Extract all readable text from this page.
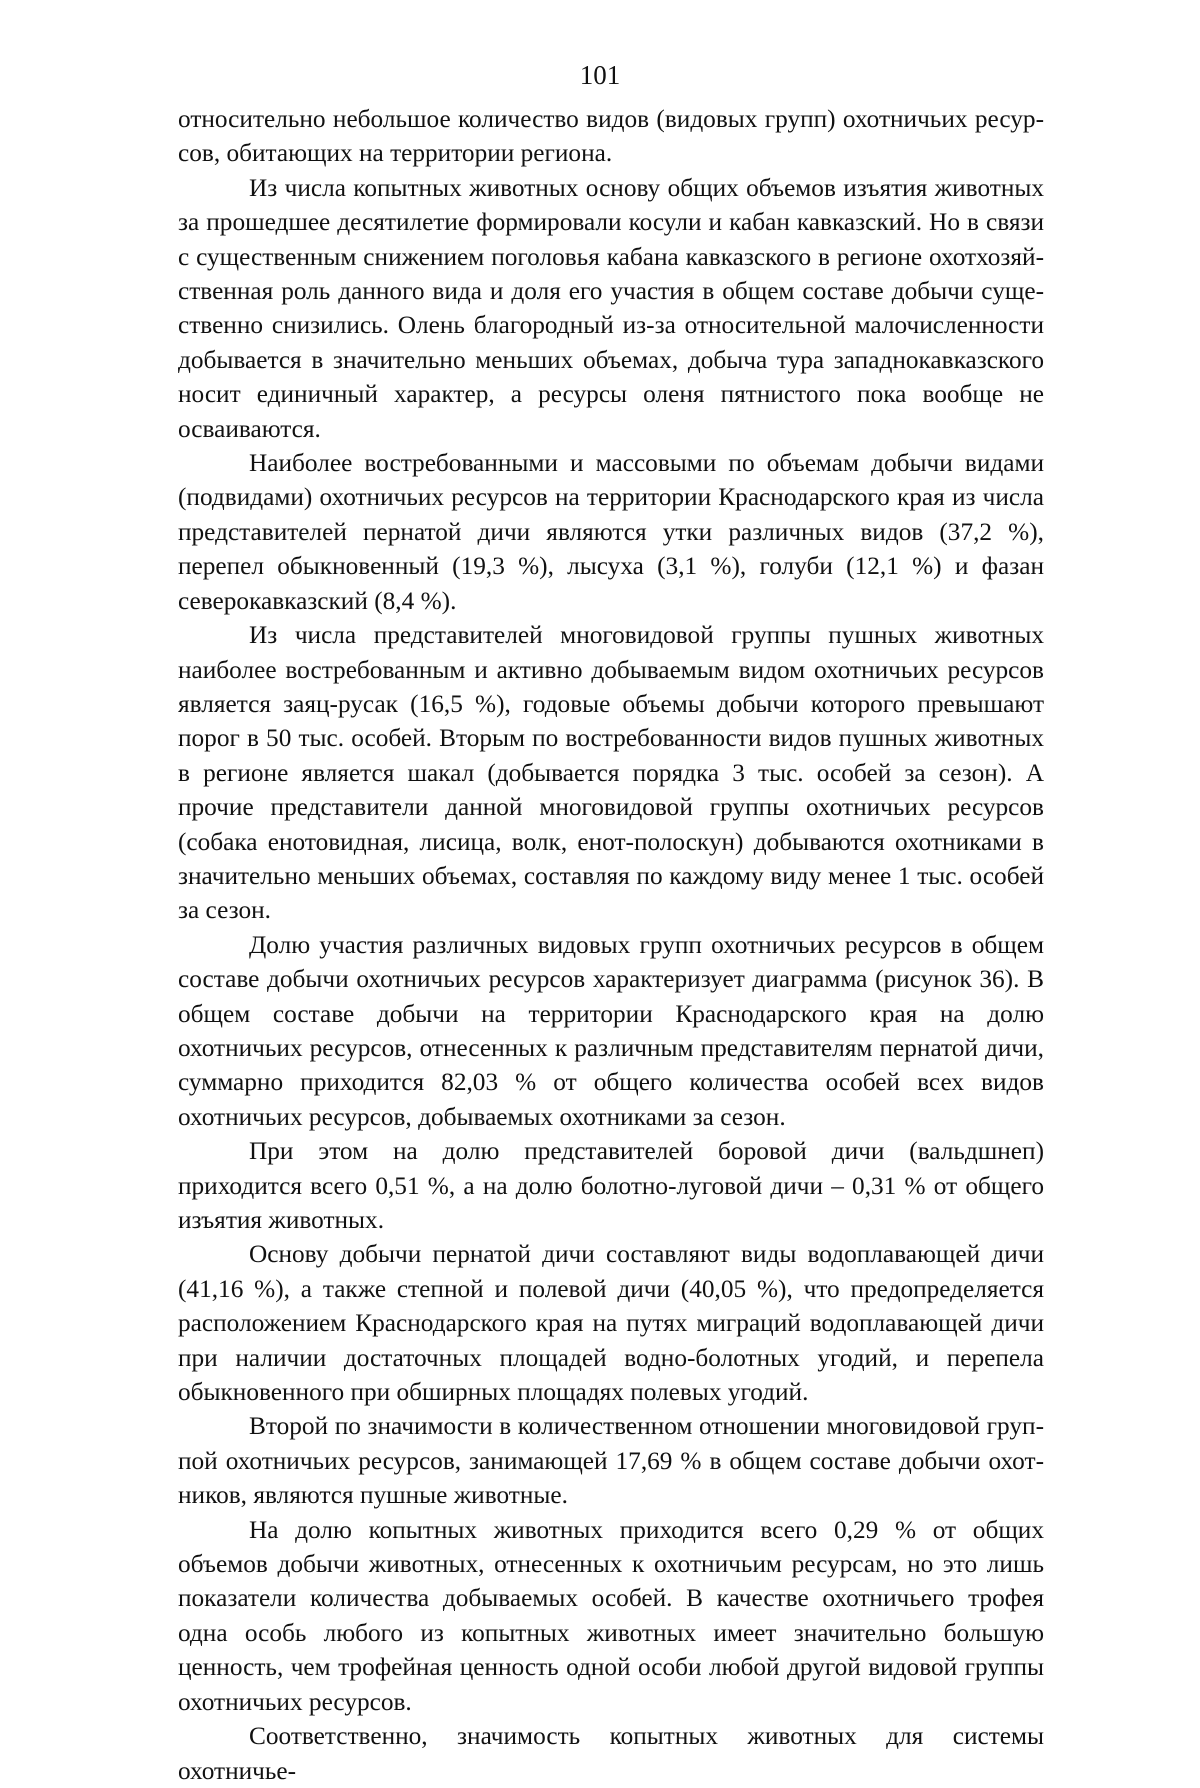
101

относительно небольшое количество видов (видовых групп) охотничьих ресурсов, обитающих на территории региона.

Из числа копытных животных основу общих объемов изъятия животных за прошедшее десятилетие формировали косули и кабан кавказский. Но в связи с существенным снижением поголовья кабана кавказского в регионе охотхозяйственная роль данного вида и доля его участия в общем составе добычи существенно снизились. Олень благородный из-за относительной малочисленности добывается в значительно меньших объемах, добыча тура западнокавказского носит единичный характер, а ресурсы оленя пятнистого пока вообще не осваиваются.

Наиболее востребованными и массовыми по объемам добычи видами (подвидами) охотничьих ресурсов на территории Краснодарского края из числа представителей пернатой дичи являются утки различных видов (37,2 %), перепел обыкновенный (19,3 %), лысуха (3,1 %), голуби (12,1 %) и фазан северокавказский (8,4 %).

Из числа представителей многовидовой группы пушных животных наиболее востребованным и активно добываемым видом охотничьих ресурсов является заяц-русак (16,5 %), годовые объемы добычи которого превышают порог в 50 тыс. особей. Вторым по востребованности видов пушных животных в регионе является шакал (добывается порядка 3 тыс. особей за сезон). А прочие представители данной многовидовой группы охотничьих ресурсов (собака енотовидная, лисица, волк, енот-полоскун) добываются охотниками в значительно меньших объемах, составляя по каждому виду менее 1 тыс. особей за сезон.

Долю участия различных видовых групп охотничьих ресурсов в общем составе добычи охотничьих ресурсов характеризует диаграмма (рисунок 36). В общем составе добычи на территории Краснодарского края на долю охотничьих ресурсов, отнесенных к различным представителям пернатой дичи, суммарно приходится 82,03 % от общего количества особей всех видов охотничьих ресурсов, добываемых охотниками за сезон.

При этом на долю представителей боровой дичи (вальдшнеп) приходится всего 0,51 %, а на долю болотно-луговой дичи – 0,31 % от общего изъятия животных.

Основу добычи пернатой дичи составляют виды водоплавающей дичи (41,16 %), а также степной и полевой дичи (40,05 %), что предопределяется расположением Краснодарского края на путях миграций водоплавающей дичи при наличии достаточных площадей водно-болотных угодий, и перепела обыкновенного при обширных площадях полевых угодий.

Второй по значимости в количественном отношении многовидовой группой охотничьих ресурсов, занимающей 17,69 % в общем составе добычи охотников, являются пушные животные.

На долю копытных животных приходится всего 0,29 % от общих объемов добычи животных, отнесенных к охотничьим ресурсам, но это лишь показатели количества добываемых особей. В качестве охотничьего трофея одна особь любого из копытных животных имеет значительно большую ценность, чем трофейная ценность одной особи любой другой видовой группы охотничьих ресурсов.

Соответственно, значимость копытных животных для системы охотничье-
